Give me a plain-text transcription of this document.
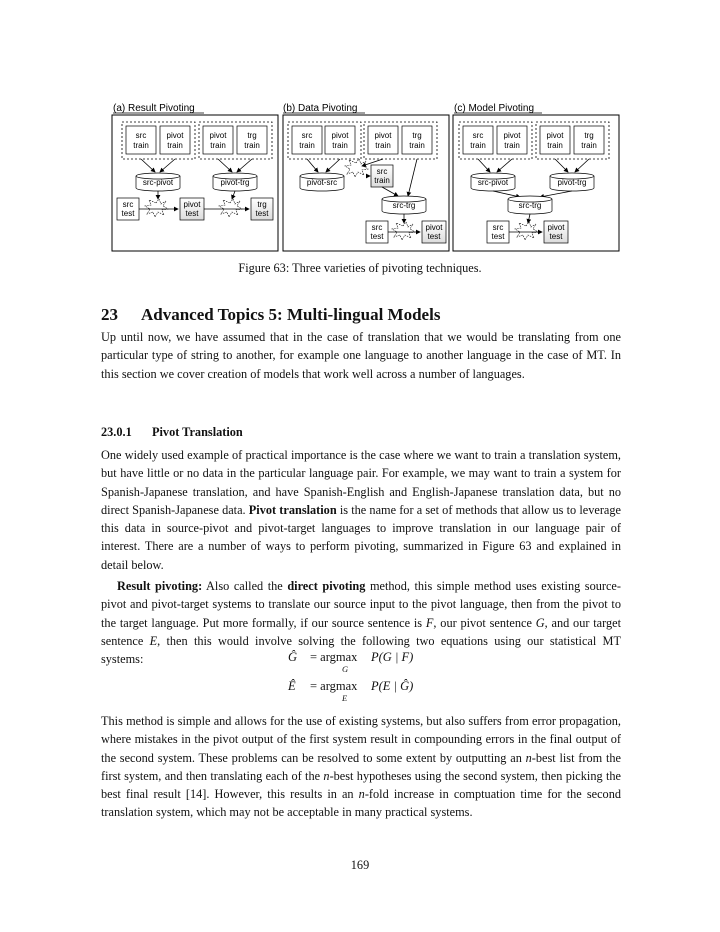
(a) Result Pivoting
src
train
pivot
train
pivot
train
trg
train
src-pivot	pivot-trg
src
test
pivot
test
trg
test
(b) Data Pivoting
src
train
pivot
train
pivot
train
trg
train
pivot-src
src
train
src-trg
src
test
pivot
test
(c) Model Pivoting
src
train
pivot
train
pivot
train
trg
train
src-pivot	pivot-trg
src-trg
src
test
pivot
test
Figure 63: Three varieties of pivoting techniques.
23 Advanced Topics 5: Multi-lingual Models
Up until now, we have assumed that in the case of translation that we would be translating from one particular type of string to another, for example one language to another language in the case of MT. In this section we cover creation of models that work well across a number of languages.
23.0.1 Pivot Translation
One widely used example of practical importance is the case where we want to train a translation system, but have little or no data in the particular language pair. For example, we may want to train a system for Spanish-Japanese translation, and have Spanish-English and English-Japanese translation data, but no direct Spanish-Japanese data. Pivot translation is the name for a set of methods that allow us to leverage this data in source-pivot and pivot-target languages to improve translation in our language pair of interest. There are a number of ways to perform pivoting, summarized in Figure 63 and explained in detail below.
Result pivoting: Also called the direct pivoting method, this simple method uses existing source-pivot and pivot-target systems to translate our source input to the pivot language, then from the pivot to the target language. Put more formally, if our source sentence is F, our pivot sentence G, and our target sentence E, then this would involve solving the following two equations using our statistical MT systems:	Ĝ = argmax
G
P(G | F)
Ê = argmax
E
P(E | Ĝ)
This method is simple and allows for the use of existing systems, but also suffers from error propagation, where mistakes in the pivot output of the first system result in compounding errors in the final output of the second system. These problems can be resolved to some extent by outputting an n-best list from the first system, and then translating each of the n-best hypotheses using the second system, then picking the best final result [14]. However, this results in an n-fold increase in comptuation time for the second translation system, which may not be acceptable in many practical systems.
169
